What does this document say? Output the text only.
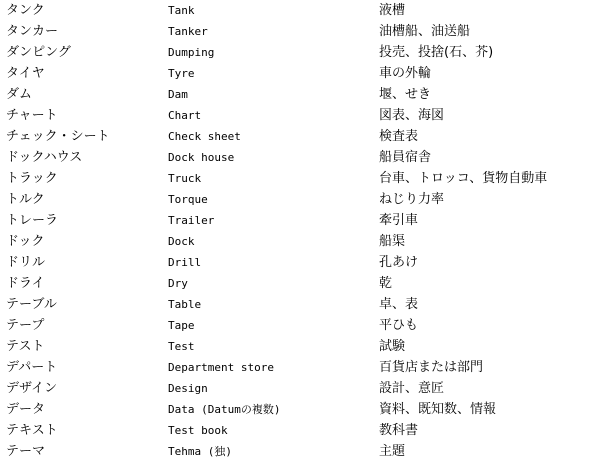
タンク	Tank	液槽
タンカー	Tanker	油槽船、油送船
ダンピング	Dumping	投売、投捨(石、芥)
タイヤ	Tyre	車の外輪
ダム	Dam	堰、せき
チャート	Chart	図表、海図
チェック・シート	Check sheet	検査表
ドックハウス	Dock house	船員宿舎
トラック	Truck	台車、トロッコ、貨物自動車
トルク	Torque	ねじり力率
トレーラ	Trailer	牽引車
ドック	Dock	船渠
ドリル	Drill	孔あけ
ドライ	Dry	乾
テーブル	Table	卓、表
テープ	Tape	平ひも
テスト	Test	試験
デパート	Department store	百貨店または部門
デザイン	Design	設計、意匠
データ	Data (Datumの複数)	資料、既知数、情報
テキスト	Test book	教科書
テーマ	Tehma (独)	主題
